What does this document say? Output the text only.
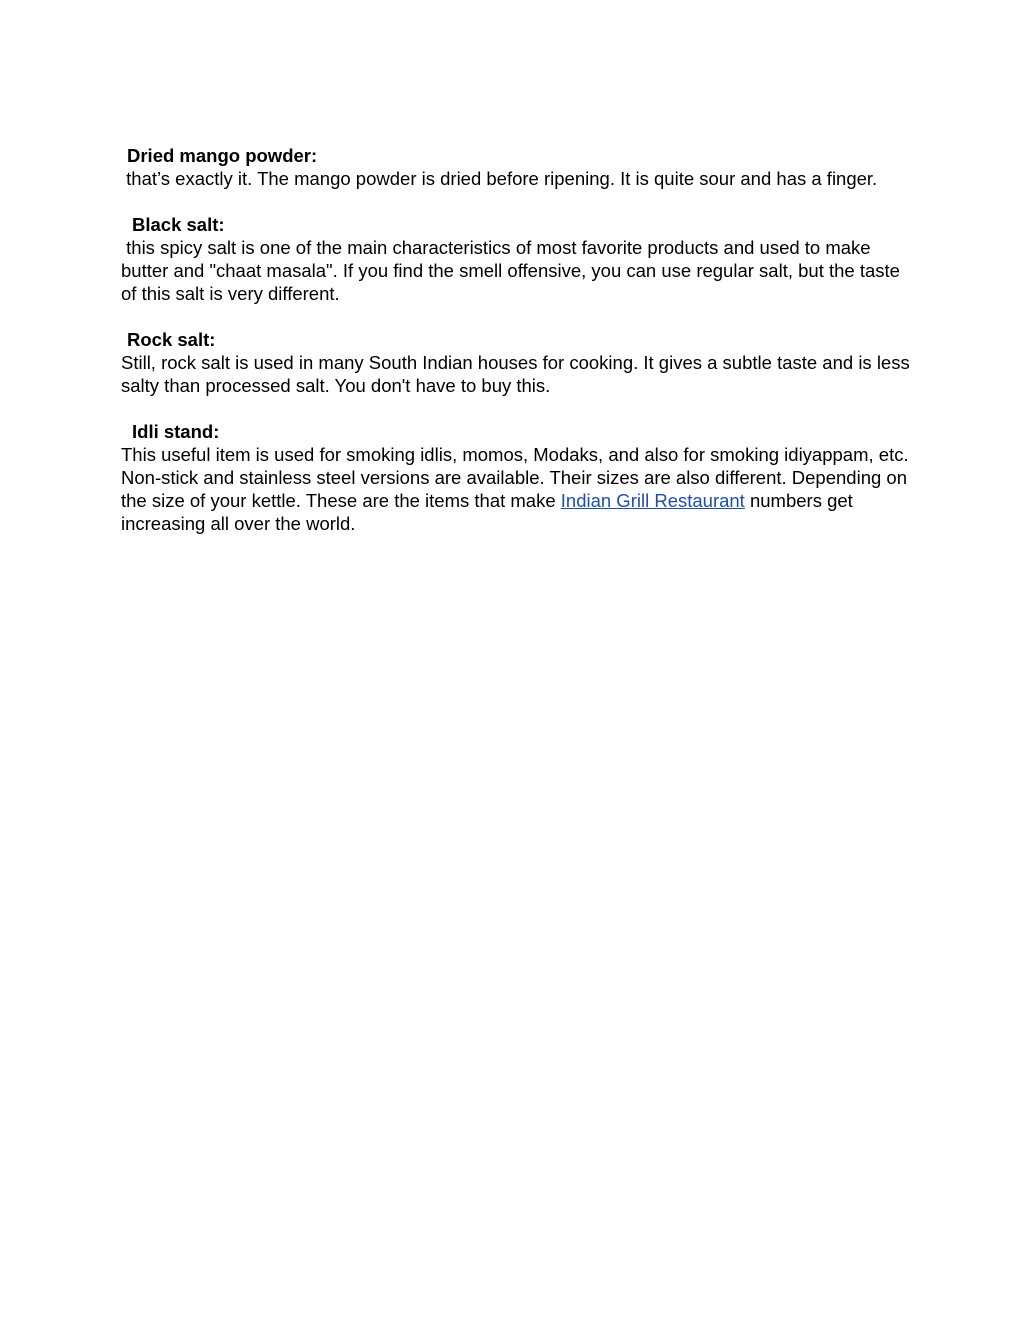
Dried mango powder:
that’s exactly it. The mango powder is dried before ripening. It is quite sour and has a finger.
Black salt:
this spicy salt is one of the main characteristics of most favorite products and used to make butter and "chaat masala". If you find the smell offensive, you can use regular salt, but the taste of this salt is very different.
Rock salt:
Still, rock salt is used in many South Indian houses for cooking. It gives a subtle taste and is less salty than processed salt. You don't have to buy this.
Idli stand:
This useful item is used for smoking idlis, momos, Modaks, and also for smoking idiyappam, etc. Non-stick and stainless steel versions are available. Their sizes are also different. Depending on the size of your kettle. These are the items that make Indian Grill Restaurant numbers get increasing all over the world.
